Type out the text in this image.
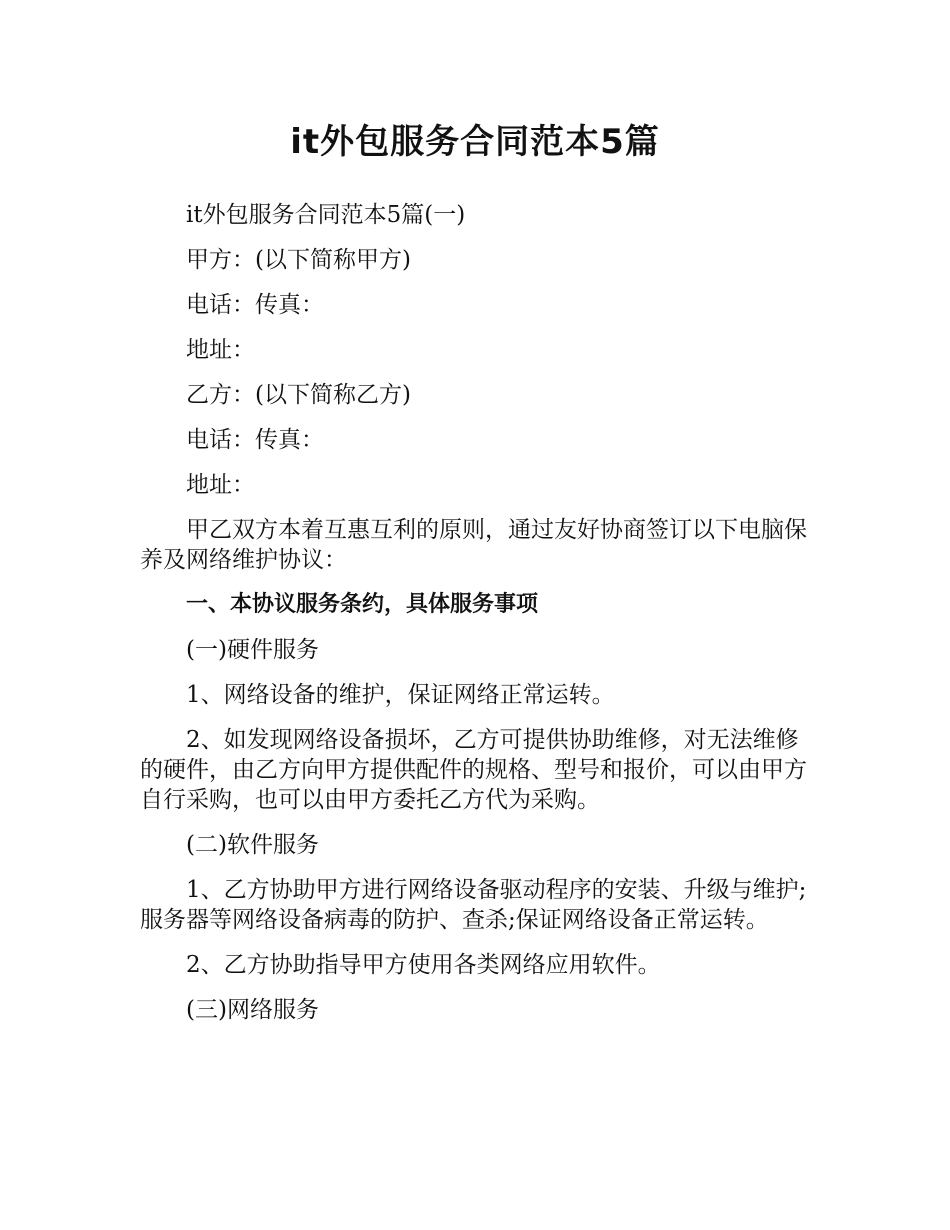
it外包服务合同范本5篇

it外包服务合同范本5篇(一)

甲方：(以下简称甲方)

电话：传真：

地址：

乙方：(以下简称乙方)

电话：传真：

地址：

甲乙双方本着互惠互利的原则，通过友好协商签订以下电脑保养及网络维护协议：

一、本协议服务条约，具体服务事项

(一)硬件服务

1、网络设备的维护，保证网络正常运转。

2、如发现网络设备损坏，乙方可提供协助维修，对无法维修的硬件，由乙方向甲方提供配件的规格、型号和报价，可以由甲方自行采购，也可以由甲方委托乙方代为采购。

(二)软件服务

1、乙方协助甲方进行网络设备驱动程序的安装、升级与维护;服务器等网络设备病毒的防护、查杀;保证网络设备正常运转。

2、乙方协助指导甲方使用各类网络应用软件。

(三)网络服务
